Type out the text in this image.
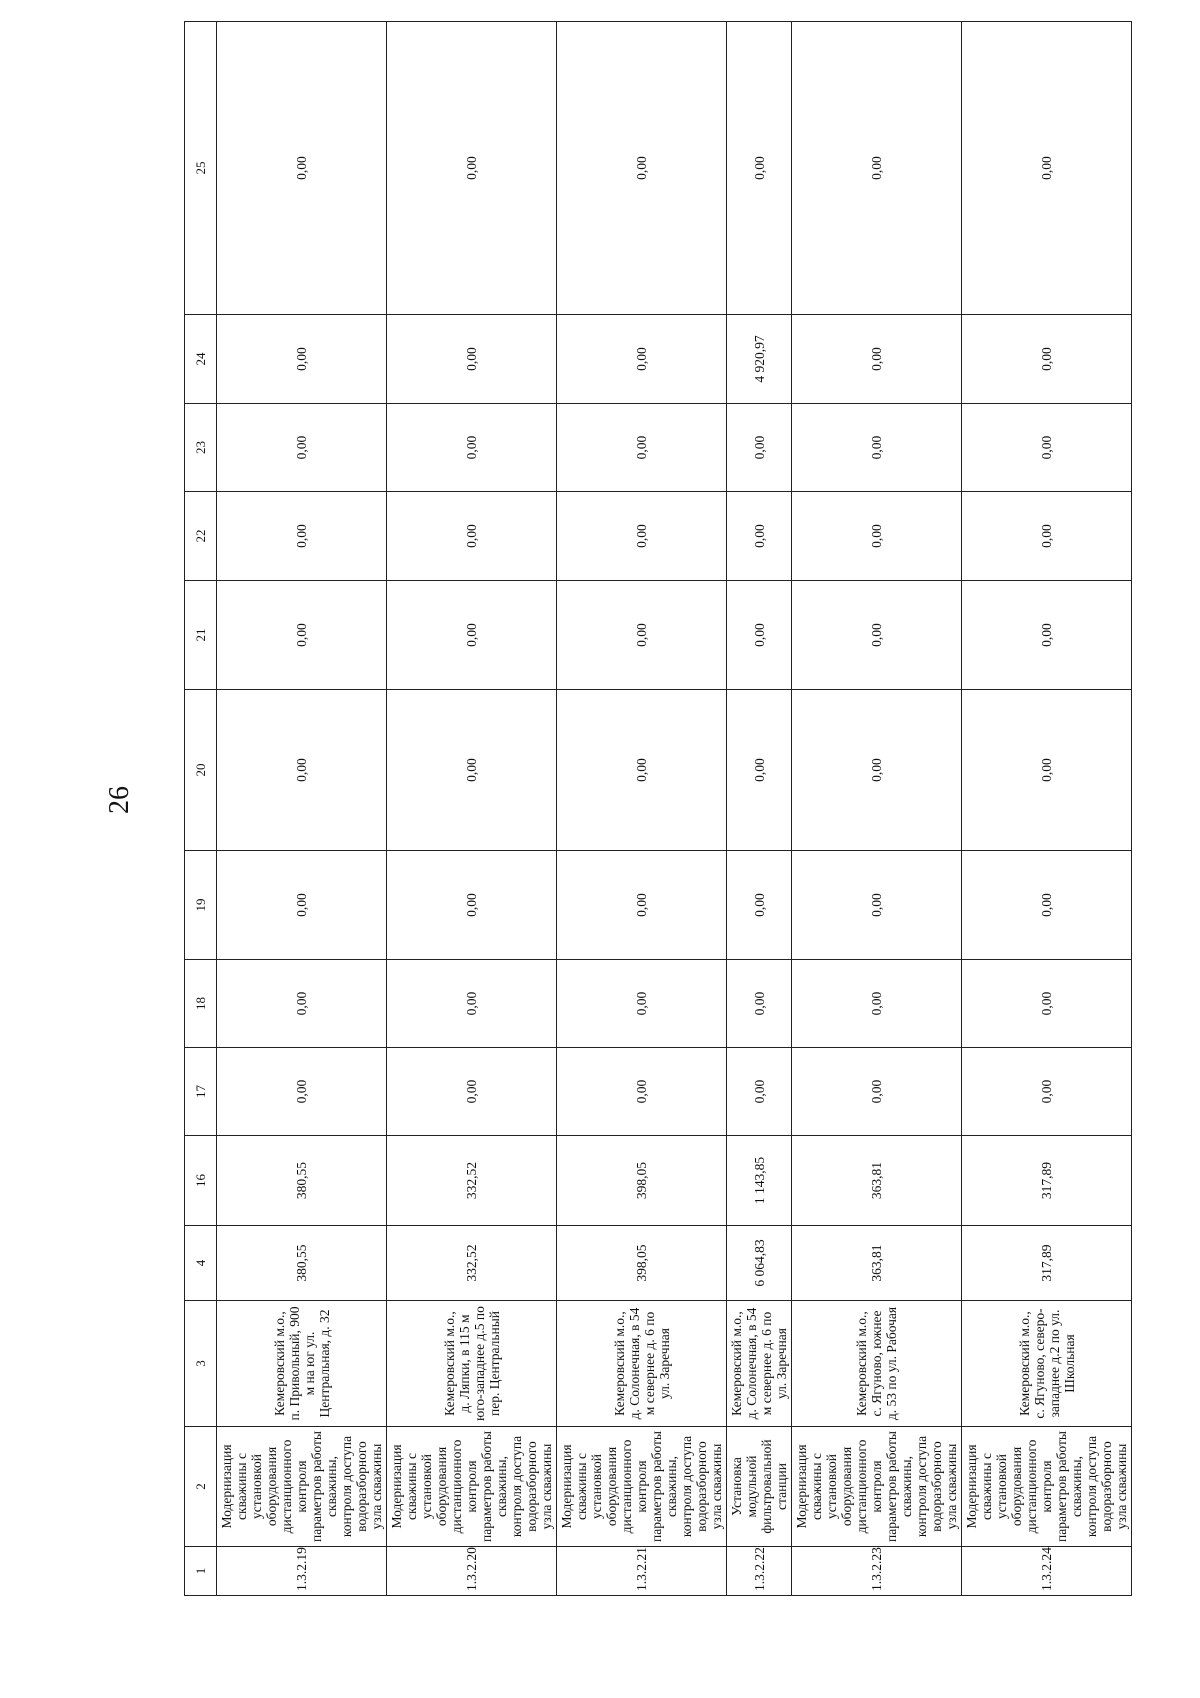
26
1	2	3	4	16	17	18	19	20	21	22	23	24	25
1.3.2.19	Модернизация скважины с установкой оборудования дистанционного контроля параметров работы скважины, контроля доступа водоразборного узла скважины	Кемеровский м.о., п. Привольный, 900 м на юг ул. Центральная, д. 32	380,55	380,55	0,00	0,00	0,00	0,00	0,00	0,00	0,00	0,00	0,00
1.3.2.20	Модернизация скважины с установкой оборудования дистанционного контроля параметров работы скважины, контроля доступа водоразборного узла скважины	Кемеровский м.о., д. Ляпки, в 115 м юго-западнее д.5 по пер. Центральный	332,52	332,52	0,00	0,00	0,00	0,00	0,00	0,00	0,00	0,00	0,00
1.3.2.21	Модернизация скважины с установкой оборудования дистанционного контроля параметров работы скважины, контроля доступа водоразборного узла скважины	Кемеровский м.о., д. Солонечная, в 54 м севернее д. 6 по ул. Заречная	398,05	398,05	0,00	0,00	0,00	0,00	0,00	0,00	0,00	0,00	0,00
1.3.2.22	Установка модульной фильтровальной станции	Кемеровский м.о., д. Солонечная, в 54 м севернее д. 6 по ул. Заречная	6 064,83	1 143,85	0,00	0,00	0,00	0,00	0,00	0,00	0,00	4 920,97	0,00
1.3.2.23	Модернизация скважины с установкой оборудования дистанционного контроля параметров работы скважины, контроля доступа водоразборного узла скважины	Кемеровский м.о., с. Ягуново, южнее д. 53 по ул. Рабочая	363,81	363,81	0,00	0,00	0,00	0,00	0,00	0,00	0,00	0,00	0,00
1.3.2.24	Модернизация скважины с установкой оборудования дистанционного контроля параметров работы скважины, контроля доступа водоразборного узла скважины	Кемеровский м.о., с. Ягуново, северо-западнее д.2 по ул. Школьная	317,89	317,89	0,00	0,00	0,00	0,00	0,00	0,00	0,00	0,00	0,00
